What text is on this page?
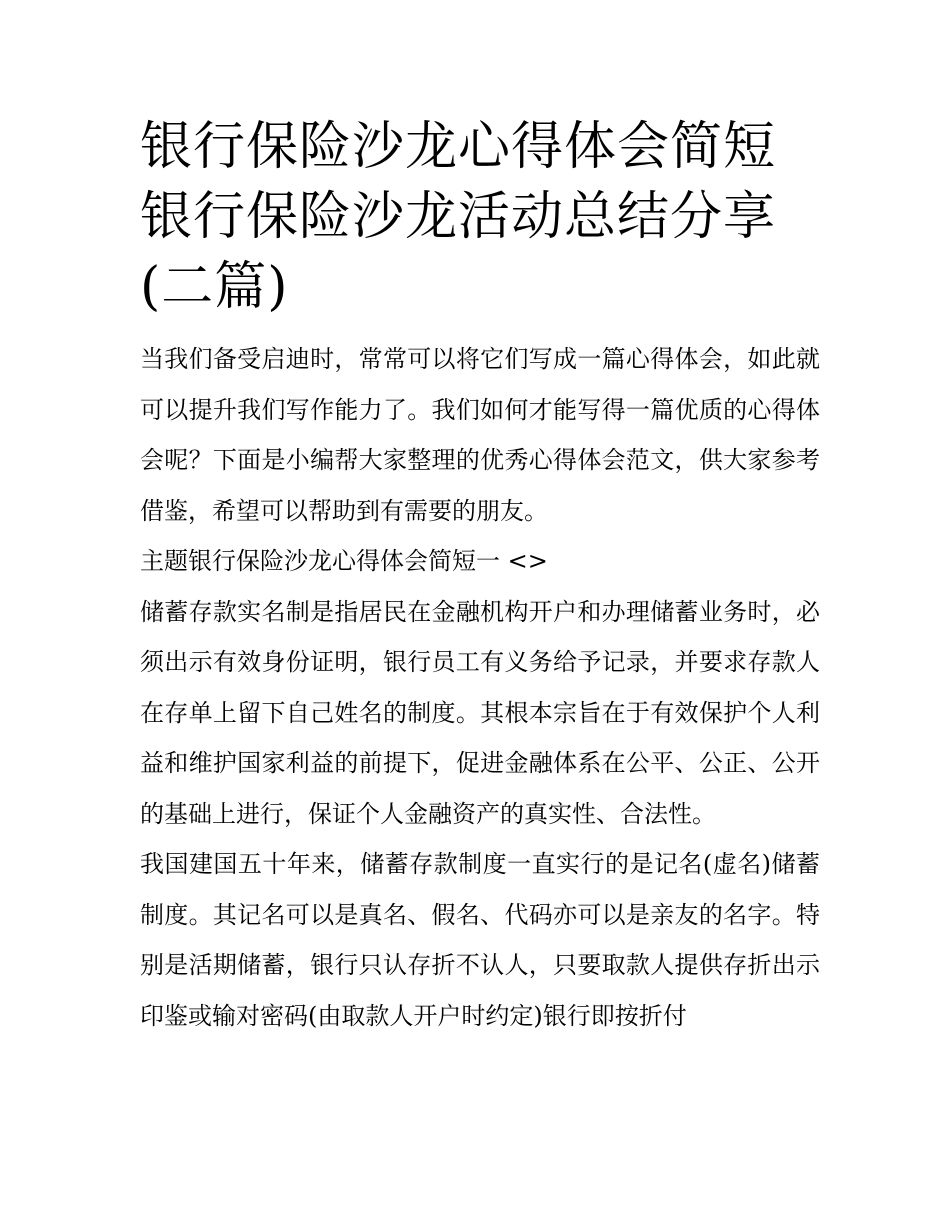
银行保险沙龙心得体会简短 银行保险沙龙活动总结分享(二篇)

当我们备受启迪时，常常可以将它们写成一篇心得体会，如此就可以提升我们写作能力了。我们如何才能写得一篇优质的心得体会呢？下面是小编帮大家整理的优秀心得体会范文，供大家参考借鉴，希望可以帮助到有需要的朋友。

主题银行保险沙龙心得体会简短一 <>

储蓄存款实名制是指居民在金融机构开户和办理储蓄业务时，必须出示有效身份证明，银行员工有义务给予记录，并要求存款人在存单上留下自己姓名的制度。其根本宗旨在于有效保护个人利益和维护国家利益的前提下，促进金融体系在公平、公正、公开的基础上进行，保证个人金融资产的真实性、合法性。

我国建国五十年来，储蓄存款制度一直实行的是记名(虚名)储蓄制度。其记名可以是真名、假名、代码亦可以是亲友的名字。特别是活期储蓄，银行只认存折不认人，只要取款人提供存折出示印鉴或输对密码(由取款人开户时约定)银行即按折付
